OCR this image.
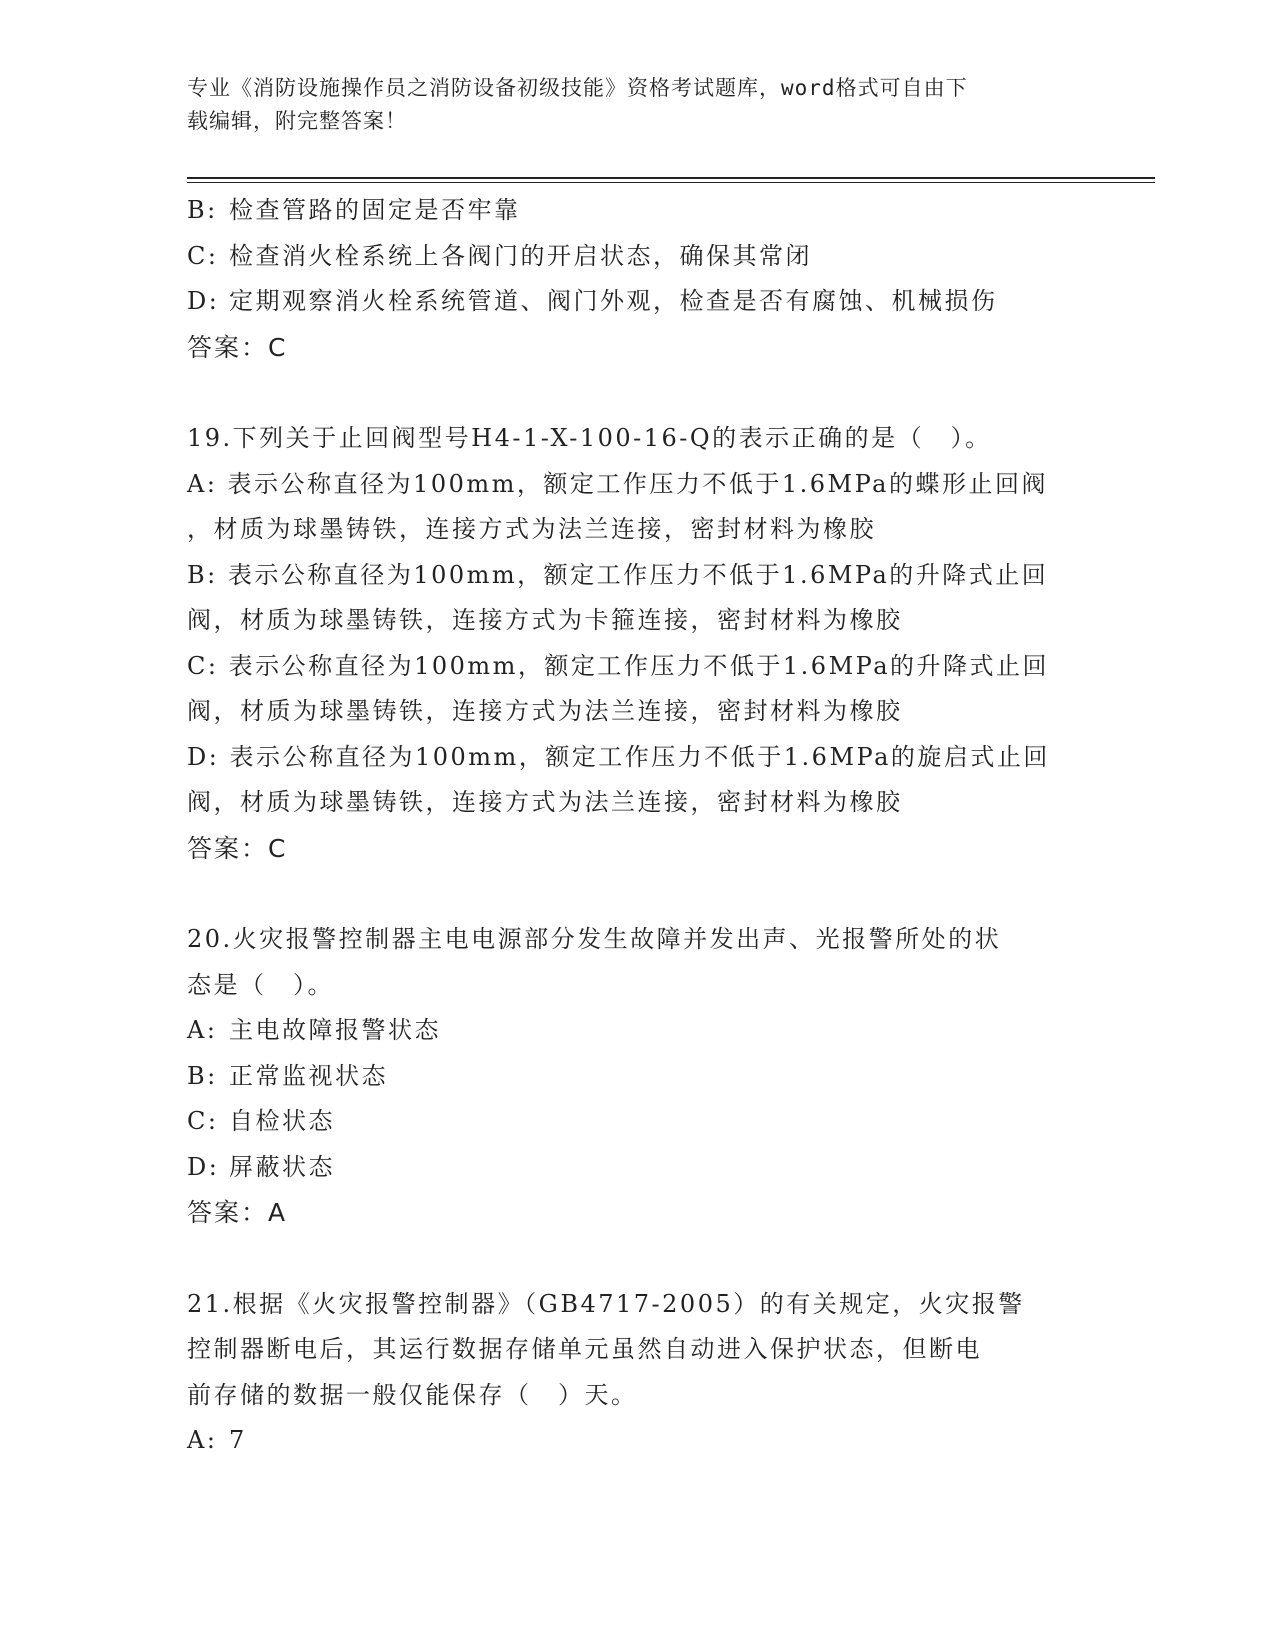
专业《消防设施操作员之消防设备初级技能》资格考试题库，word格式可自由下
载编辑，附完整答案！
B: 检查管路的固定是否牢靠
C: 检查消火栓系统上各阀门的开启状态，确保其常闭
D: 定期观察消火栓系统管道、阀门外观，检查是否有腐蚀、机械损伤
答案：C
19.下列关于止回阀型号H4-1-X-100-16-Q的表示正确的是（　）。
A: 表示公称直径为100mm，额定工作压力不低于1.6MPa的蝶形止回阀
，材质为球墨铸铁，连接方式为法兰连接，密封材料为橡胶
B: 表示公称直径为100mm，额定工作压力不低于1.6MPa的升降式止回
阀，材质为球墨铸铁，连接方式为卡箍连接，密封材料为橡胶
C: 表示公称直径为100mm，额定工作压力不低于1.6MPa的升降式止回
阀，材质为球墨铸铁，连接方式为法兰连接，密封材料为橡胶
D: 表示公称直径为100mm，额定工作压力不低于1.6MPa的旋启式止回
阀，材质为球墨铸铁，连接方式为法兰连接，密封材料为橡胶
答案：C
20.火灾报警控制器主电电源部分发生故障并发出声、光报警所处的状
态是（　）。
A: 主电故障报警状态
B: 正常监视状态
C: 自检状态
D: 屏蔽状态
答案：A
21.根据《火灾报警控制器》（GB4717-2005）的有关规定，火灾报警
控制器断电后，其运行数据存储单元虽然自动进入保护状态，但断电
前存储的数据一般仅能保存（　）天。
A: 7
